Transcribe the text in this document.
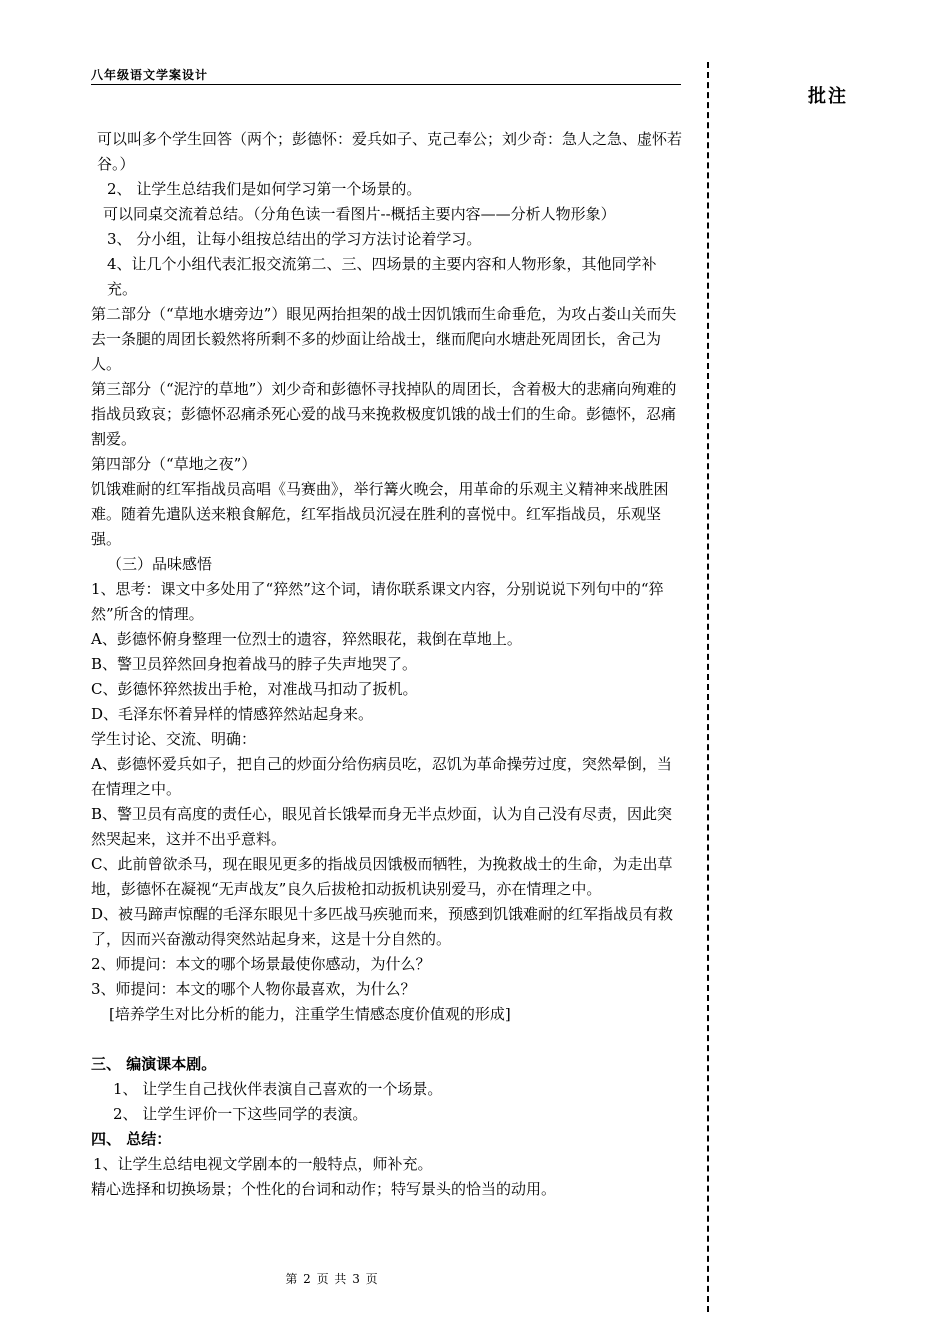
八年级语文学案设计
批注

可以叫多个学生回答（两个；彭德怀：爱兵如子、克己奉公；刘少奇：急人之急、虚怀若谷。）

2、 让学生总结我们是如何学习第一个场景的。

可以同桌交流着总结。（分角色读一看图片--概括主要内容——分析人物形象）

3、 分小组，让每小组按总结出的学习方法讨论着学习。

4、让几个小组代表汇报交流第二、三、四场景的主要内容和人物形象，其他同学补充。

第二部分（“草地水塘旁边”）眼见两抬担架的战士因饥饿而生命垂危，为攻占娄山关而失去一条腿的周团长毅然将所剩不多的炒面让给战士，继而爬向水塘赴死周团长，舍己为人。

第三部分（“泥泞的草地”）刘少奇和彭德怀寻找掉队的周团长，含着极大的悲痛向殉难的指战员致哀；彭德怀忍痛杀死心爱的战马来挽救极度饥饿的战士们的生命。彭德怀，忍痛割爱。

第四部分（“草地之夜”）

饥饿难耐的红军指战员高唱《马赛曲》，举行篝火晚会，用革命的乐观主义精神来战胜困难。随着先遣队送来粮食解危，红军指战员沉浸在胜利的喜悦中。红军指战员，乐观坚强。

（三）品味感悟

1、思考：课文中多处用了“猝然”这个词，请你联系课文内容，分别说说下列句中的“猝然”所含的情理。

A、彭德怀俯身整理一位烈士的遗容，猝然眼花，栽倒在草地上。

B、警卫员猝然回身抱着战马的脖子失声地哭了。

C、彭德怀猝然拔出手枪，对准战马扣动了扳机。

D、毛泽东怀着异样的情感猝然站起身来。

学生讨论、交流、明确：

A、彭德怀爱兵如子，把自己的炒面分给伤病员吃，忍饥为革命操劳过度，突然晕倒，当在情理之中。

B、警卫员有高度的责任心，眼见首长饿晕而身无半点炒面，认为自己没有尽责，因此突然哭起来，这并不出乎意料。

C、此前曾欲杀马，现在眼见更多的指战员因饿极而牺牲，为挽救战士的生命，为走出草地，彭德怀在凝视“无声战友”良久后拔枪扣动扳机诀别爱马，亦在情理之中。

D、被马蹄声惊醒的毛泽东眼见十多匹战马疾驰而来，预感到饥饿难耐的红军指战员有救了，因而兴奋激动得突然站起身来，这是十分自然的。

2、师提问：本文的哪个场景最使你感动，为什么？

3、师提问：本文的哪个人物你最喜欢，为什么？

[培养学生对比分析的能力，注重学生情感态度价值观的形成]

三、 编演课本剧。

1、 让学生自己找伙伴表演自己喜欢的一个场景。

2、 让学生评价一下这些同学的表演。

四、 总结：

1、让学生总结电视文学剧本的一般特点，师补充。

精心选择和切换场景；个性化的台词和动作；特写景头的恰当的动用。

第 2 页 共 3 页
